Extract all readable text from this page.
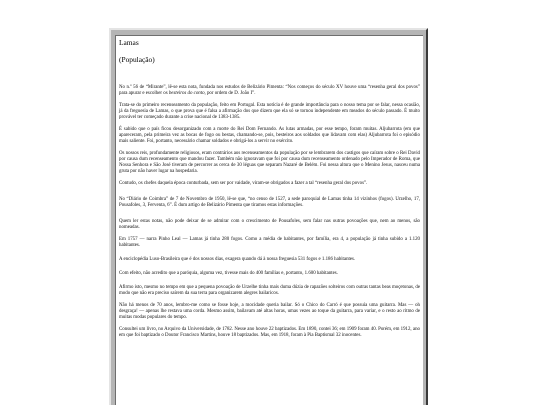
Lamas
(População)

No n.º 56 de “Mirante”, lê-se esta nota, fundada nos estudos de Belizário Pimenta: “Nos começos do século XV houve uma “resenha geral dos povos” para apurar e escolher os besteiros do conto, por ordem de D. João I”.

Trata-se do primeiro recenseamento da população, feito em Portugal. Esta notícia é de grande importância para o nosso tema por se falar, nessa ocasião, já da freguesia de Lamas, o que prova que é falsa a afirmação dos que dizem que ela só se tornou independente em meados do século passado. É muito provável ter começado durante a crise nacional de 1383-1385.

É sabido que o país ficou desorganizado com a morte do Rei Dom Fernando. As lutas armadas, por esse tempo, foram muitas. Aljubarrota (em que apareceram, pela primeira vez as bocas de fogo ou bestas, chamando-se, pois, besteiros aos soldados que lidavam com elas) Aljubarrota foi o episódio mais saliente. Foi, portanto, necessário chamar soldados e obrigá-los a servir no exército.

Os nossos reis, profundamente religiosos, eram contrários aos recenseamentos da população por se lembrarem dos castigos que caíram sobre o Rei David por causa dum recenseamento que mandou fazer. Também não ignoravam que foi por causa dum recenseamento ordenado pelo Imperador de Roma, que Nossa Senhora e São José tiveram de percorrer as cerca de 30 léguas que separam Nazaré de Belém. Foi nessa altura que o Menino Jesus, nasceu numa gruta por não haver lugar na hospedaria.

Contudo, os chefes daquela época conturbada, sem ser por vaidade, viram-se obrigados a fazer a tal “resenha geral dos povos”.

No “Diário de Coimbra” de 7 de Novembro de 1950, lê-se que, “no censo de 1527, a sede paroquial de Lamas tinha 14 vizinhos (fogos). Urzelho, 17, Pousafoles, 3, Ferventa, 6”. É dum artigo de Belizário Pimenta que tiramos estas informações.

Quem ler estas notas, não pode deixar de se admirar com o crescimento de Pousafoles, sem falar nas outras povoações que, nem ao menos, são nomeadas.

Em 1757 — narra Pinho Leal — Lamas já tinha 280 fogos. Como a média de habitantes, por família, era 4, a população já tinha subido a 1.120 habitantes.

A enciclopédia Luso-Brasileira que é dos nossos dias, exagera quando dá à nossa freguesia 531 fogos e 1.186 habitantes.

Com efeito, não acredito que a paróquia, alguma vez, tivesse mais do 400 famílias e, portanto, 1.600 habitantes.

Afirmo isto, mesmo no tempo em que a pequena povoação de Urzelhe tinha mais duma dúzia de rapazões solteiros com outras tantas beas moçetonas, de modo que não era preciso saírem da sua terra para organizarem alegres bailaricos.

Não há menos de 70 anos, lembro-me como se fosse hoje, a mocidade queria bailar. Só o Chico do Carró é que possuía uma guitarra. Mas — oh desgraça! — apenas lhe restava uma corda. Mesmo assim, bailavam até altas horas, umas vezes ao toque da guitarra, para variar, e o resto ao ritmo de muitas modas populares do tempo.

Consultei um livro, no Arquivo da Universidade, de 1782. Nesse ano houve 22 baptizados. Em 1890, contei 36; em 1909 foram 40. Porém, em 1912, ano em que foi baptizado o Doutor Francisco Martins, houve 18 baptizados. Mas, em 1918, foram à Pia Baptismal 32 inocentes.
